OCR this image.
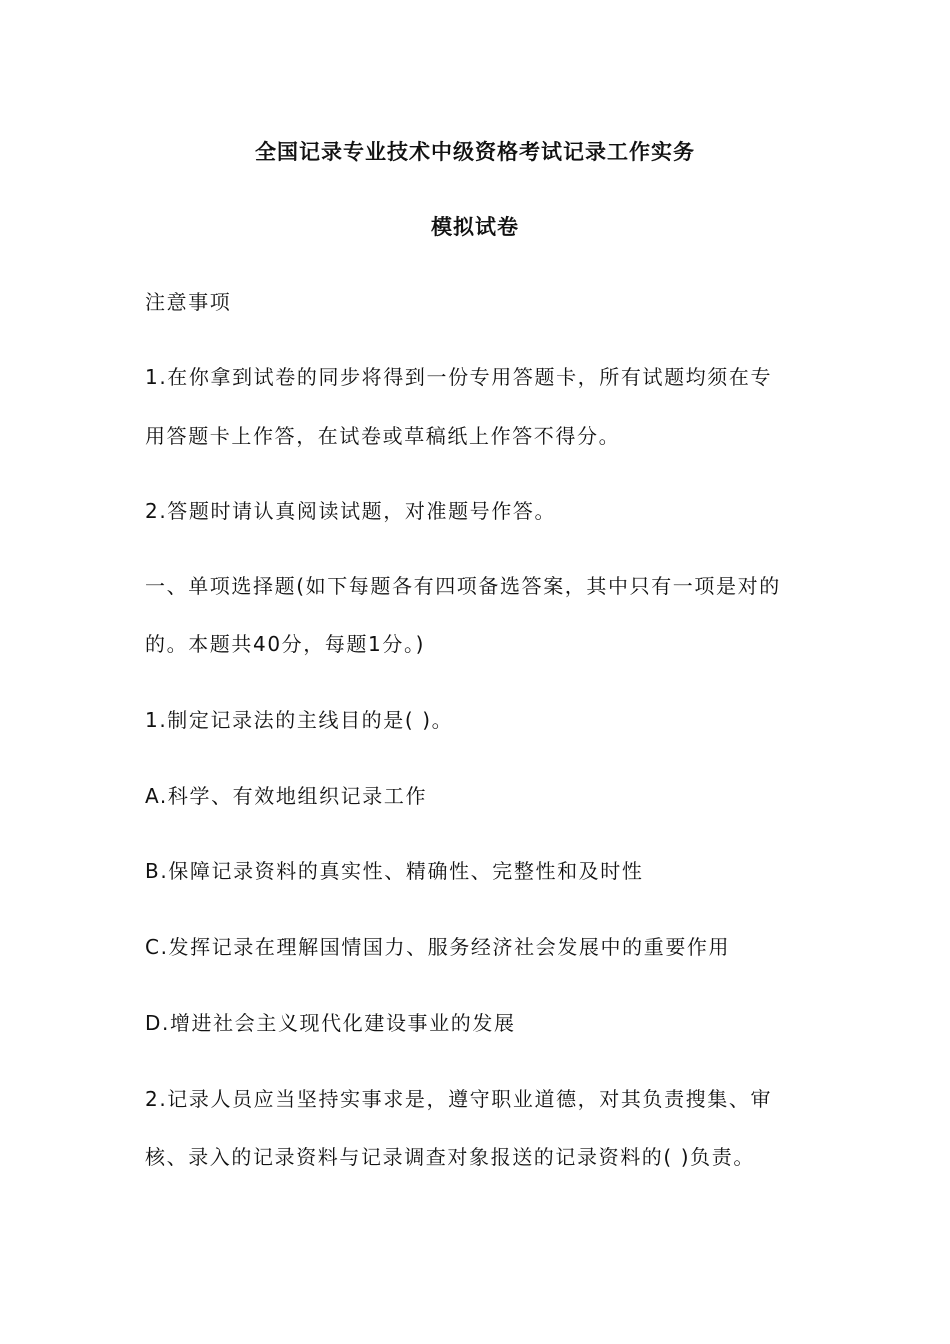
全国记录专业技术中级资格考试记录工作实务
模拟试卷
注意事项
1.在你拿到试卷的同步将得到一份专用答题卡，所有试题均须在专
用答题卡上作答，在试卷或草稿纸上作答不得分。
2.答题时请认真阅读试题，对准题号作答。
一、单项选择题(如下每题各有四项备选答案，其中只有一项是对的
的。本题共40分，每题1分。)
1.制定记录法的主线目的是( )。
A.科学、有效地组织记录工作
B.保障记录资料的真实性、精确性、完整性和及时性
C.发挥记录在理解国情国力、服务经济社会发展中的重要作用
D.增进社会主义现代化建设事业的发展
2.记录人员应当坚持实事求是，遵守职业道德，对其负责搜集、审
核、录入的记录资料与记录调查对象报送的记录资料的( )负责。
